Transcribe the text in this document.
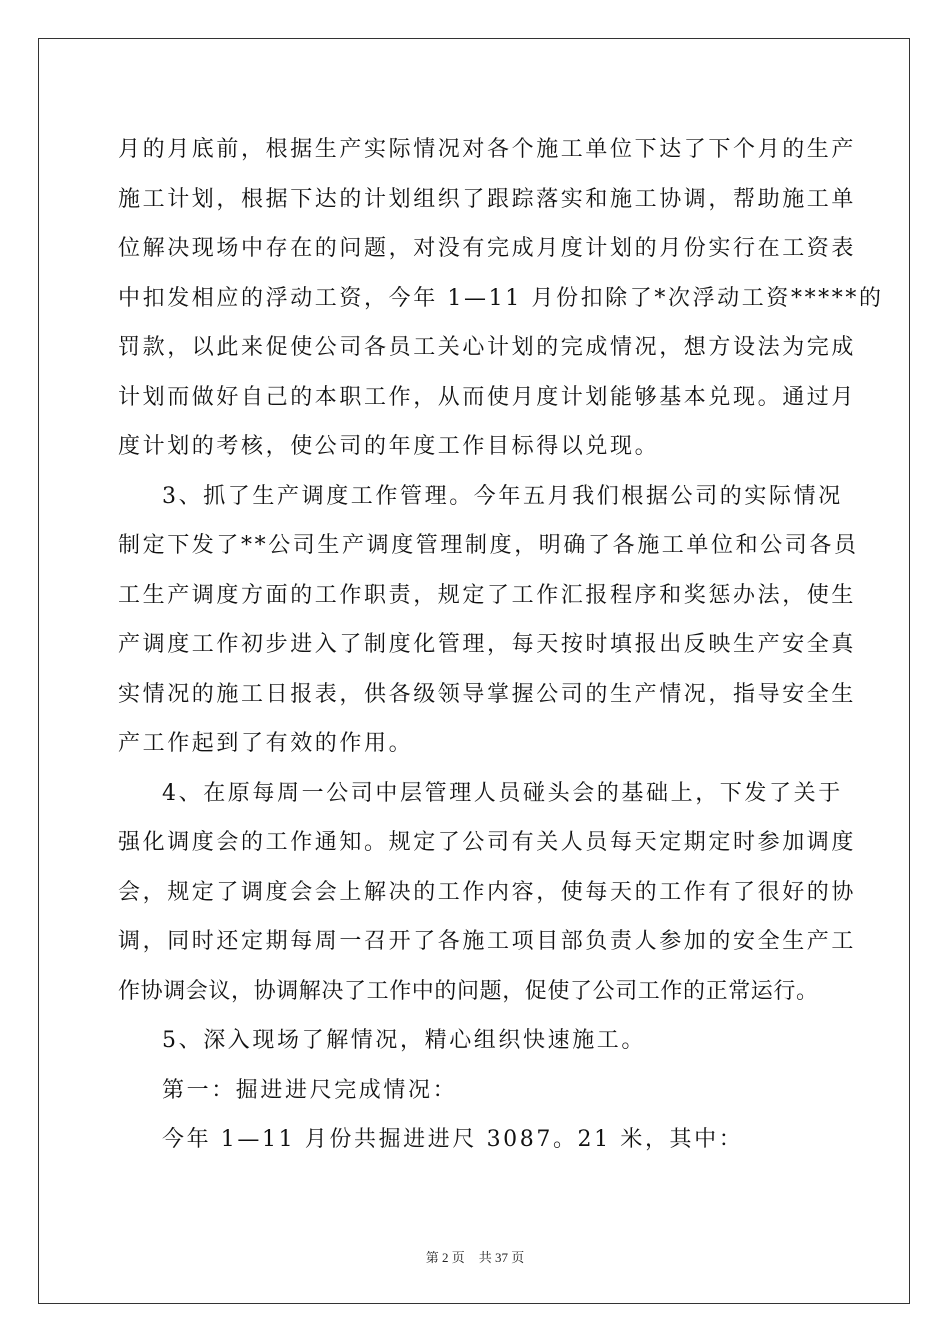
月的月底前，根据生产实际情况对各个施工单位下达了下个月的生产
施工计划，根据下达的计划组织了跟踪落实和施工协调，帮助施工单
位解决现场中存在的问题，对没有完成月度计划的月份实行在工资表
中扣发相应的浮动工资，今年 1—11 月份扣除了*次浮动工资*****的
罚款，以此来促使公司各员工关心计划的完成情况，想方设法为完成
计划而做好自己的本职工作，从而使月度计划能够基本兑现。通过月
度计划的考核，使公司的年度工作目标得以兑现。
3、抓了生产调度工作管理。今年五月我们根据公司的实际情况
制定下发了**公司生产调度管理制度，明确了各施工单位和公司各员
工生产调度方面的工作职责，规定了工作汇报程序和奖惩办法，使生
产调度工作初步进入了制度化管理，每天按时填报出反映生产安全真
实情况的施工日报表，供各级领导掌握公司的生产情况，指导安全生
产工作起到了有效的作用。
4、在原每周一公司中层管理人员碰头会的基础上，下发了关于
强化调度会的工作通知。规定了公司有关人员每天定期定时参加调度
会，规定了调度会会上解决的工作内容，使每天的工作有了很好的协
调，同时还定期每周一召开了各施工项目部负责人参加的安全生产工
作协调会议，协调解决了工作中的问题，促使了公司工作的正常运行。
5、深入现场了解情况，精心组织快速施工。
第一：掘进进尺完成情况：
今年 1—11 月份共掘进进尺 3087。21 米，其中：
第 2 页 共 37 页
